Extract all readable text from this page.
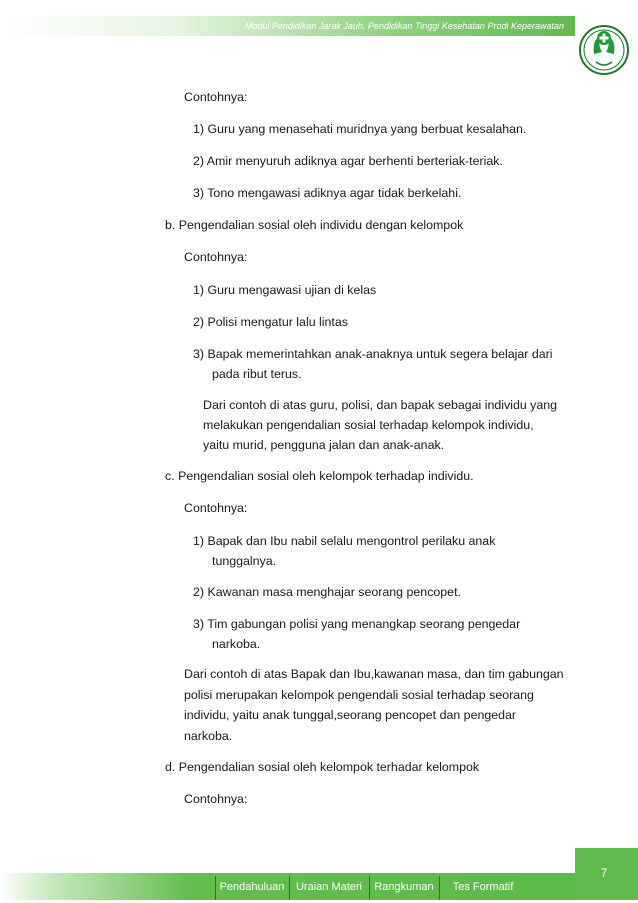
Modul Pendidikan Jarak Jauh, Pendidikan Tinggi Kesehatan Prodi Keperawatan
Contohnya:
1) Guru yang menasehati muridnya yang berbuat kesalahan.
2) Amir menyuruh adiknya agar berhenti berteriak-teriak.
3) Tono mengawasi adiknya agar tidak berkelahi.
b. Pengendalian sosial oleh individu dengan kelompok
Contohnya:
1) Guru mengawasi ujian di kelas
2) Polisi mengatur lalu lintas
3) Bapak memerintahkan anak-anaknya untuk segera belajar dari
pada ribut terus.
Dari contoh di atas guru, polisi, dan bapak sebagai individu yang
melakukan pengendalian sosial terhadap kelompok individu,
yaitu murid, pengguna jalan dan anak-anak.
c. Pengendalian sosial oleh kelompok terhadap individu.
Contohnya:
1) Bapak dan Ibu nabil selalu mengontrol perilaku anak
tunggalnya.
2) Kawanan masa menghajar seorang pencopet.
3) Tim gabungan polisi yang menangkap seorang pengedar
narkoba.
Dari contoh di atas Bapak dan Ibu,kawanan masa, dan tim gabungan
polisi merupakan kelompok pengendali sosial terhadap seorang
individu, yaitu anak tunggal,seorang pencopet dan pengedar
narkoba.
d. Pengendalian sosial oleh kelompok terhadar kelompok
Contohnya:
7
Pendahuluan	Uraian Materi	Rangkuman	Tes Formatif
